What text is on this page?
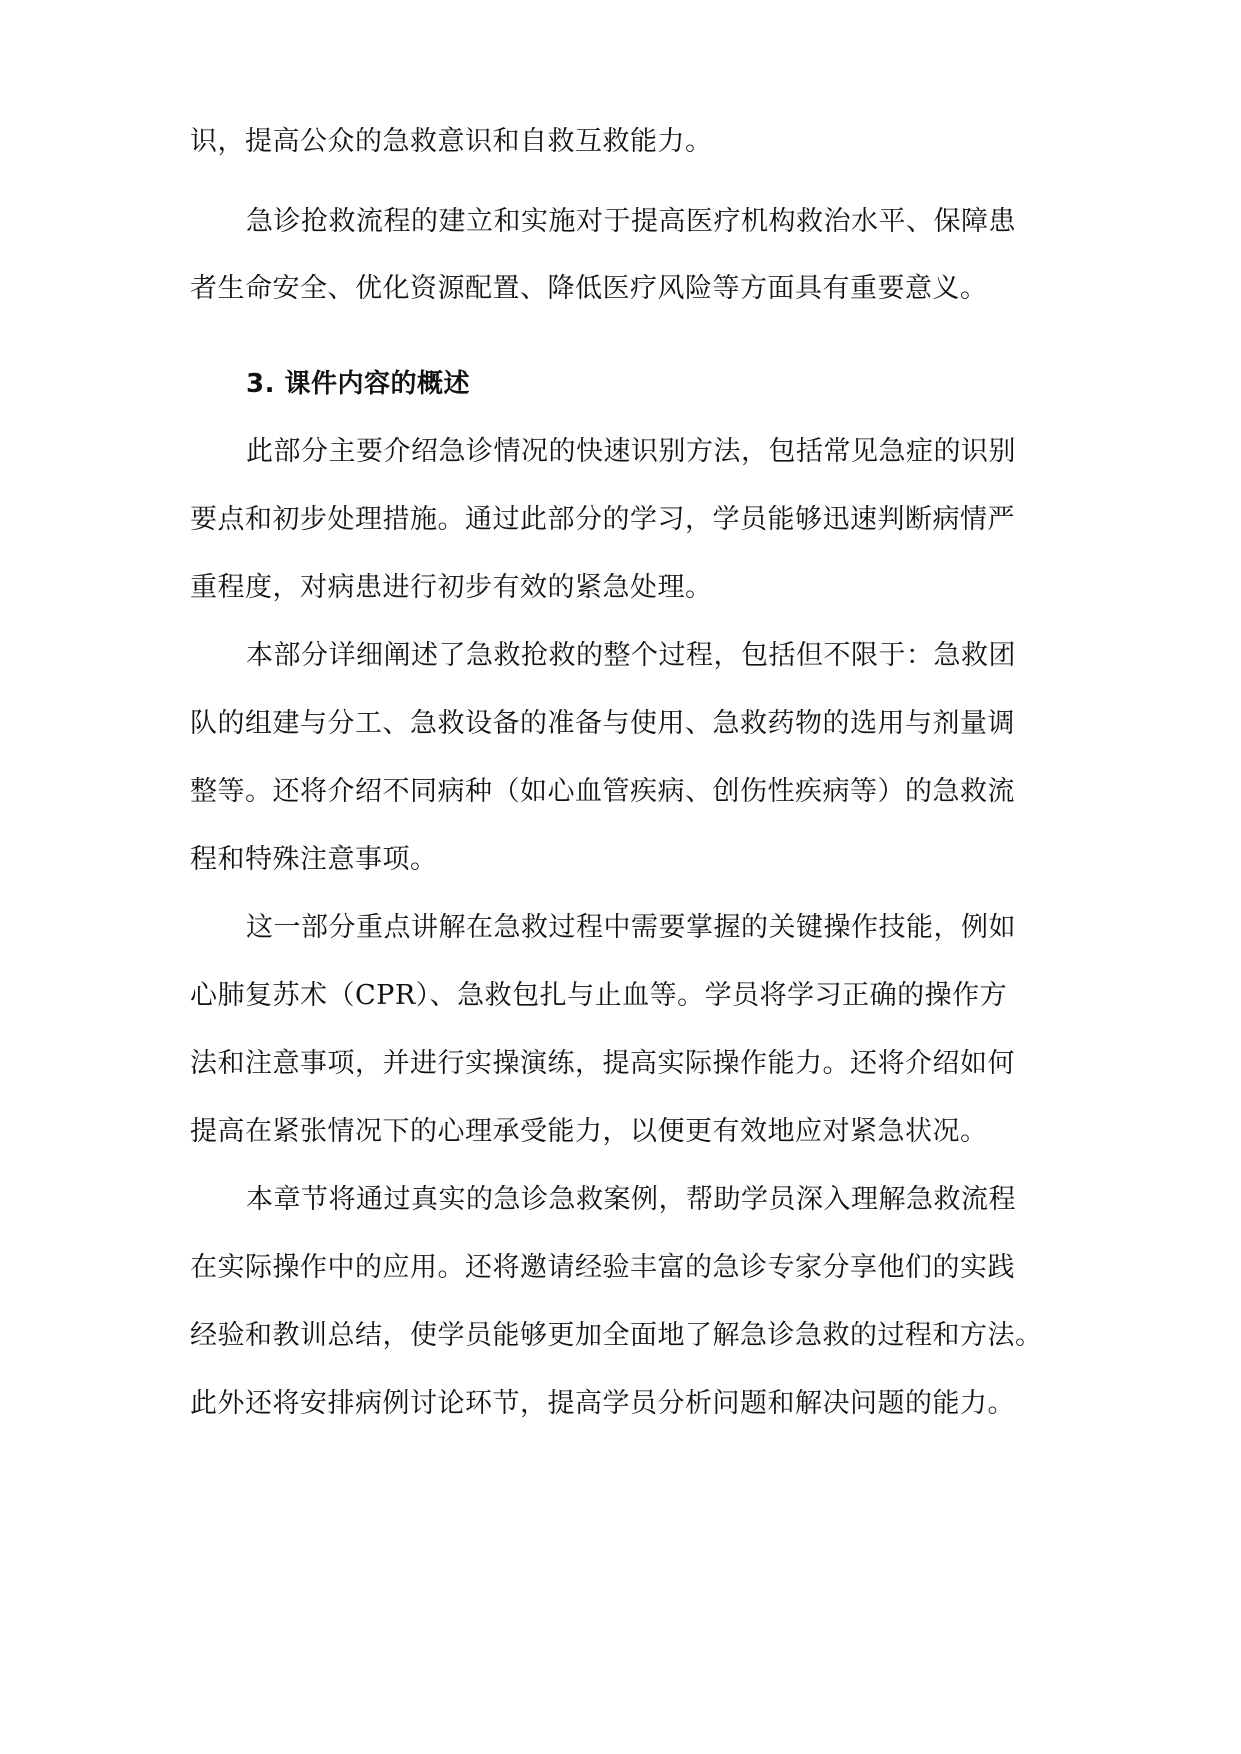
识，提高公众的急救意识和自救互救能力。
急诊抢救流程的建立和实施对于提高医疗机构救治水平、保障患
者生命安全、优化资源配置、降低医疗风险等方面具有重要意义。
3. 课件内容的概述
此部分主要介绍急诊情况的快速识别方法，包括常见急症的识别
要点和初步处理措施。通过此部分的学习，学员能够迅速判断病情严
重程度，对病患进行初步有效的紧急处理。
本部分详细阐述了急救抢救的整个过程，包括但不限于：急救团
队的组建与分工、急救设备的准备与使用、急救药物的选用与剂量调
整等。还将介绍不同病种（如心血管疾病、创伤性疾病等）的急救流
程和特殊注意事项。
这一部分重点讲解在急救过程中需要掌握的关键操作技能，例如
心肺复苏术（CPR）、急救包扎与止血等。学员将学习正确的操作方
法和注意事项，并进行实操演练，提高实际操作能力。还将介绍如何
提高在紧张情况下的心理承受能力，以便更有效地应对紧急状况。
本章节将通过真实的急诊急救案例，帮助学员深入理解急救流程
在实际操作中的应用。还将邀请经验丰富的急诊专家分享他们的实践
经验和教训总结，使学员能够更加全面地了解急诊急救的过程和方法。
此外还将安排病例讨论环节，提高学员分析问题和解决问题的能力。
